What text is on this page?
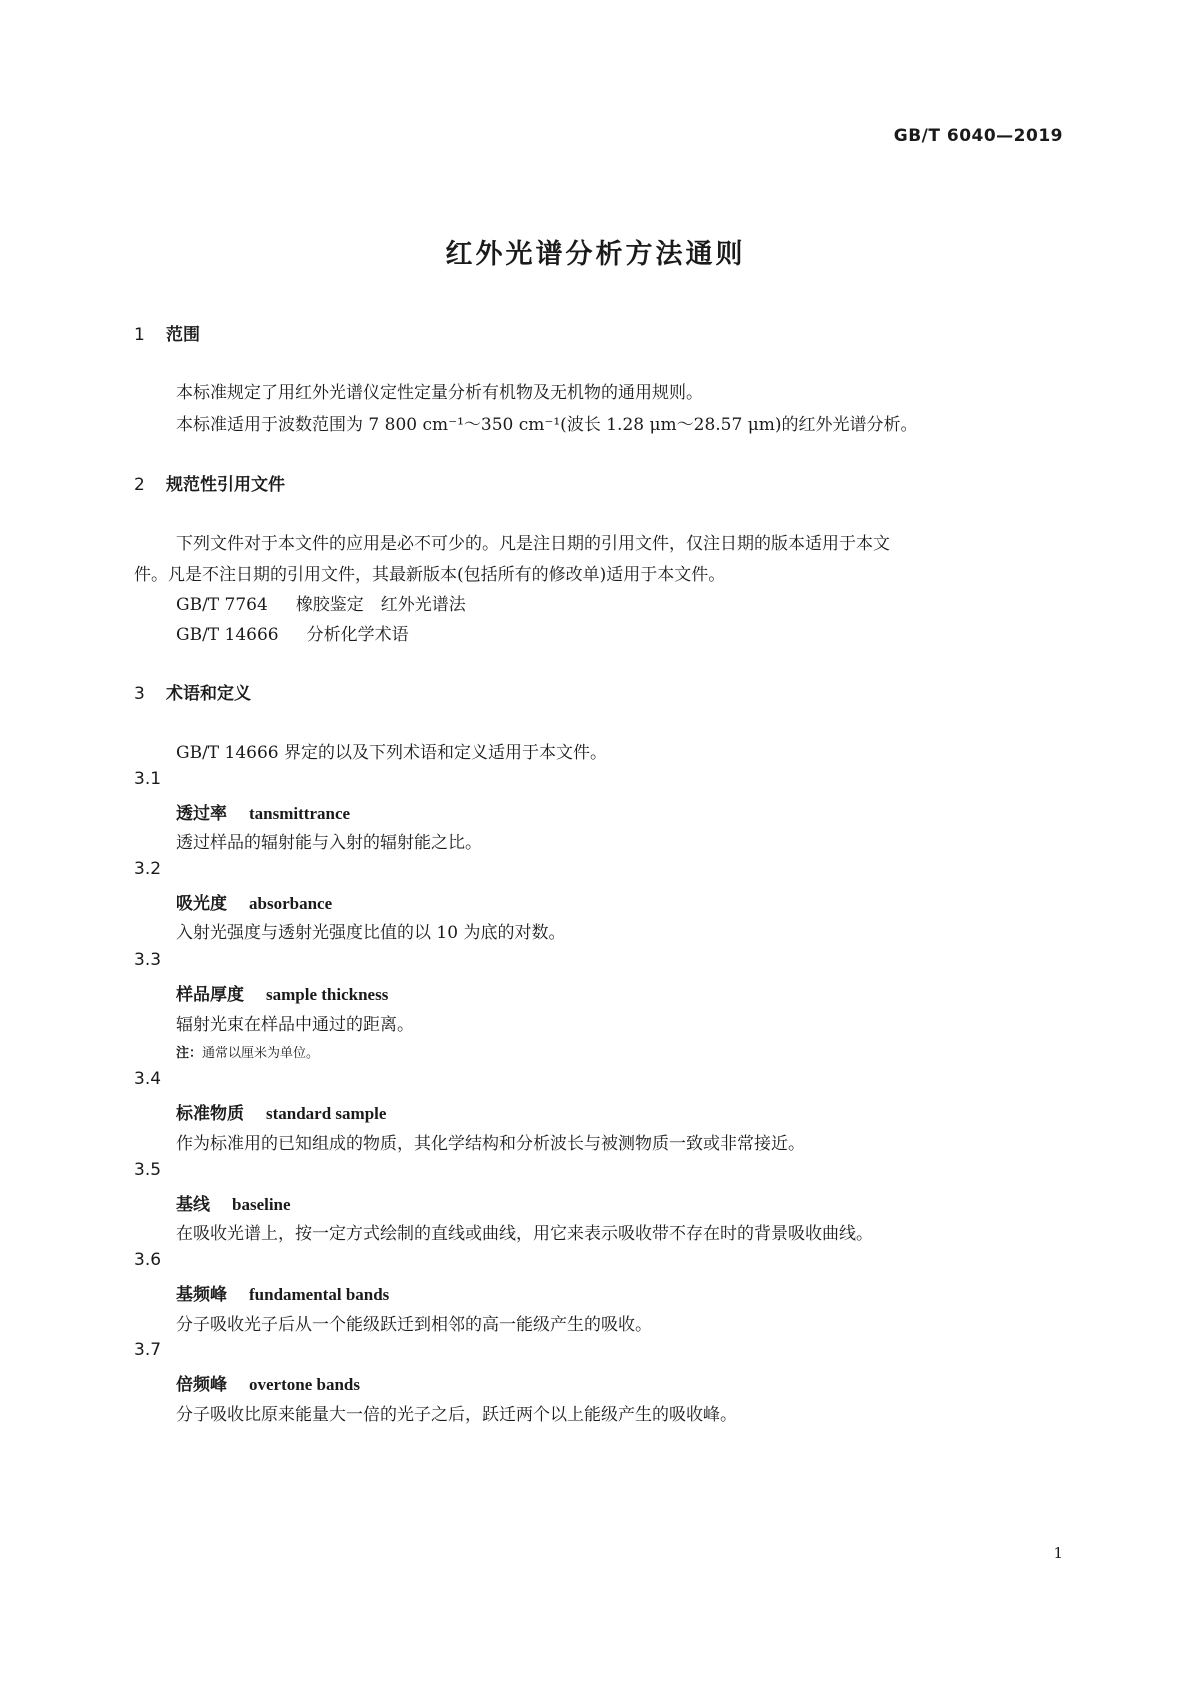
GB/T 6040—2019
红外光谱分析方法通则
1 范围
本标准规定了用红外光谱仪定性定量分析有机物及无机物的通用规则。
本标准适用于波数范围为 7 800 cm⁻¹～350 cm⁻¹(波长 1.28 μm～28.57 μm)的红外光谱分析。
2 规范性引用文件
下列文件对于本文件的应用是必不可少的。凡是注日期的引用文件，仅注日期的版本适用于本文
件。凡是不注日期的引用文件，其最新版本(包括所有的修改单)适用于本文件。
GB/T 7764 橡胶鉴定　红外光谱法
GB/T 14666 分析化学术语
3 术语和定义
GB/T 14666 界定的以及下列术语和定义适用于本文件。
3.1
透过率 tansmittrance
透过样品的辐射能与入射的辐射能之比。
3.2
吸光度 absorbance
入射光强度与透射光强度比值的以 10 为底的对数。
3.3
样品厚度 sample thickness
辐射光束在样品中通过的距离。
注：通常以厘米为单位。
3.4
标准物质 standard sample
作为标准用的已知组成的物质，其化学结构和分析波长与被测物质一致或非常接近。
3.5
基线 baseline
在吸收光谱上，按一定方式绘制的直线或曲线，用它来表示吸收带不存在时的背景吸收曲线。
3.6
基频峰 fundamental bands
分子吸收光子后从一个能级跃迁到相邻的高一能级产生的吸收。
3.7
倍频峰 overtone bands
分子吸收比原来能量大一倍的光子之后，跃迁两个以上能级产生的吸收峰。
1
